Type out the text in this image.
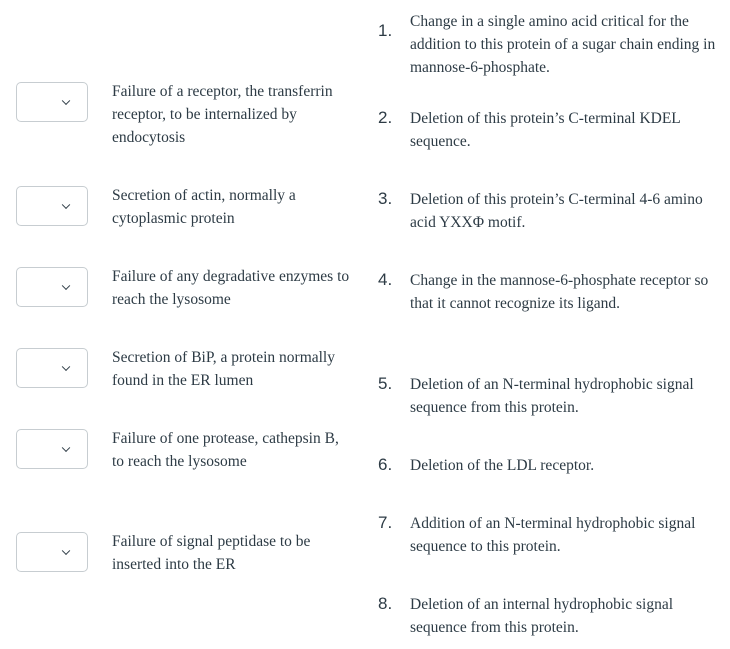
Failure of a receptor, the transferrin receptor, to be internalized by endocytosis
Secretion of actin, normally a cytoplasmic protein
Failure of any degradative enzymes to reach the lysosome
Secretion of BiP, a protein normally found in the ER lumen
Failure of one protease, cathepsin B, to reach the lysosome
Failure of signal peptidase to be inserted into the ER
1. Change in a single amino acid critical for the addition to this protein of a sugar chain ending in mannose-6-phosphate.
2. Deletion of this protein’s C-terminal KDEL sequence.
3. Deletion of this protein’s C-terminal 4-6 amino acid YXXΦ motif.
4. Change in the mannose-6-phosphate receptor so that it cannot recognize its ligand.
5. Deletion of an N-terminal hydrophobic signal sequence from this protein.
6. Deletion of the LDL receptor.
7. Addition of an N-terminal hydrophobic signal sequence to this protein.
8. Deletion of an internal hydrophobic signal sequence from this protein.
